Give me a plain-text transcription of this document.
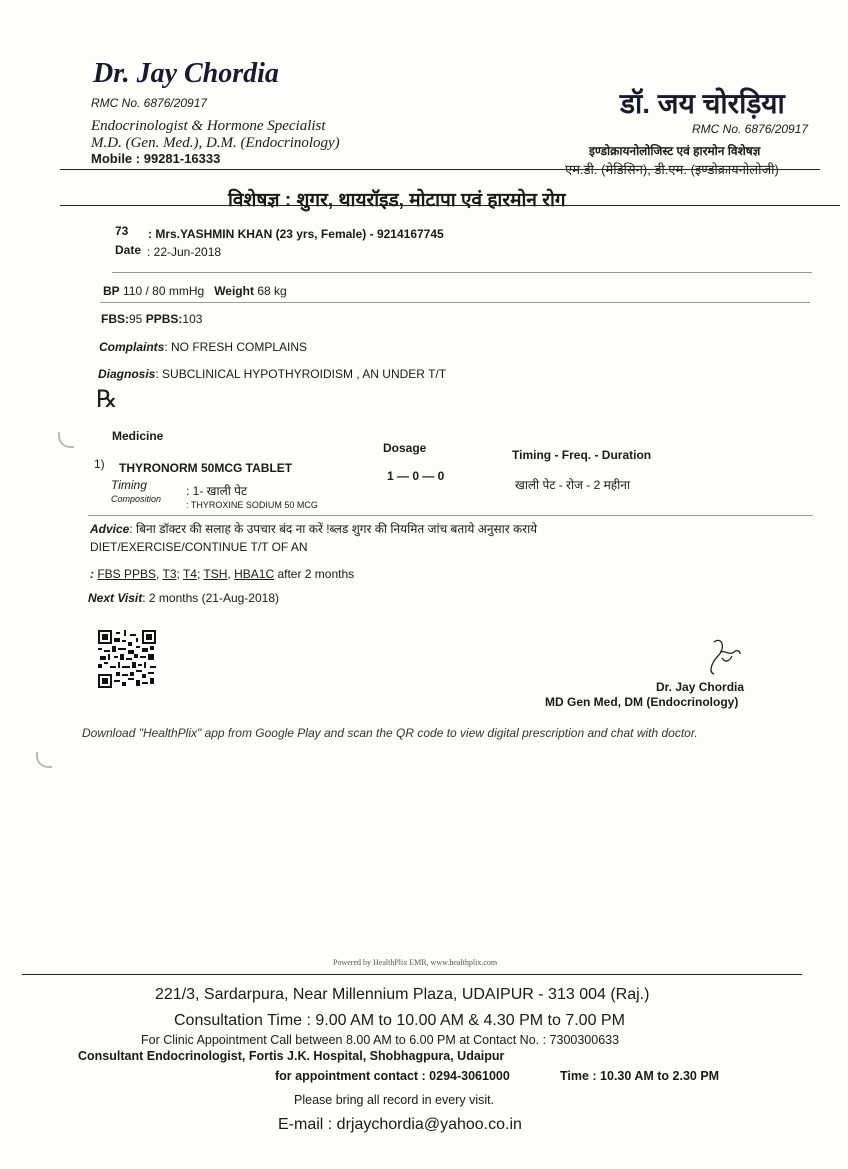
Dr. Jay Chordia
RMC No. 6876/20917
Endocrinologist & Hormone Specialist
M.D. (Gen. Med.), D.M. (Endocrinology)
Mobile : 99281-16333
डॉ. जय चोरड़िया
RMC No. 6876/20917
इण्डोक्रायनोलोजिस्ट एवं हारमोन विशेषज्ञ
एम.डी. (मेडिसिन), डी.एम. (इण्डोक्रायनोलोजी)
विशेषज्ञ : शुगर, थायरॉइड, मोटापा एवं हारमोन रोग
73 : Mrs.YASHMIN KHAN (23 yrs, Female) - 9214167745
Date : 22-Jun-2018
BP 110 / 80 mmHg Weight 68 kg
FBS:95 PPBS:103
Complaints: NO FRESH COMPLAINS
Diagnosis: SUBCLINICAL HYPOTHYROIDISM , AN UNDER T/T
℞
Medicine
Dosage	Timing - Freq. - Duration
1) THYRONORM 50MCG TABLET
1 — 0 — 0
खाली पेट - रोज - 2 महीना
Timing	: 1- खाली पेट
Composition
: THYROXINE SODIUM 50 MCG
Advice: बिना डॉक्टर की सलाह के उपचार बंद ना करें !ब्लड शुगर की नियमित जांच बताये अनुसार कराये
DIET/EXERCISE/CONTINUE T/T OF AN
: FBS PPBS, T3; T4; TSH, HBA1C after 2 months
Next Visit: 2 months (21-Aug-2018)
Dr. Jay Chordia
MD Gen Med, DM (Endocrinology)
Download "HealthPlix" app from Google Play and scan the QR code to view digital prescription and chat with doctor.
Powered by HealthPlix EMR, www.healthplix.com
221/3, Sardarpura, Near Millennium Plaza, UDAIPUR - 313 004 (Raj.)
Consultation Time : 9.00 AM to 10.00 AM & 4.30 PM to 7.00 PM
For Clinic Appointment Call between 8.00 AM to 6.00 PM at Contact No. : 7300300633
Consultant Endocrinologist, Fortis J.K. Hospital, Shobhagpura, Udaipur
Time : 10.30 AM to 2.30 PM
for appointment contact : 0294-3061000
Please bring all record in every visit.
E-mail : drjaychordia@yahoo.co.in
